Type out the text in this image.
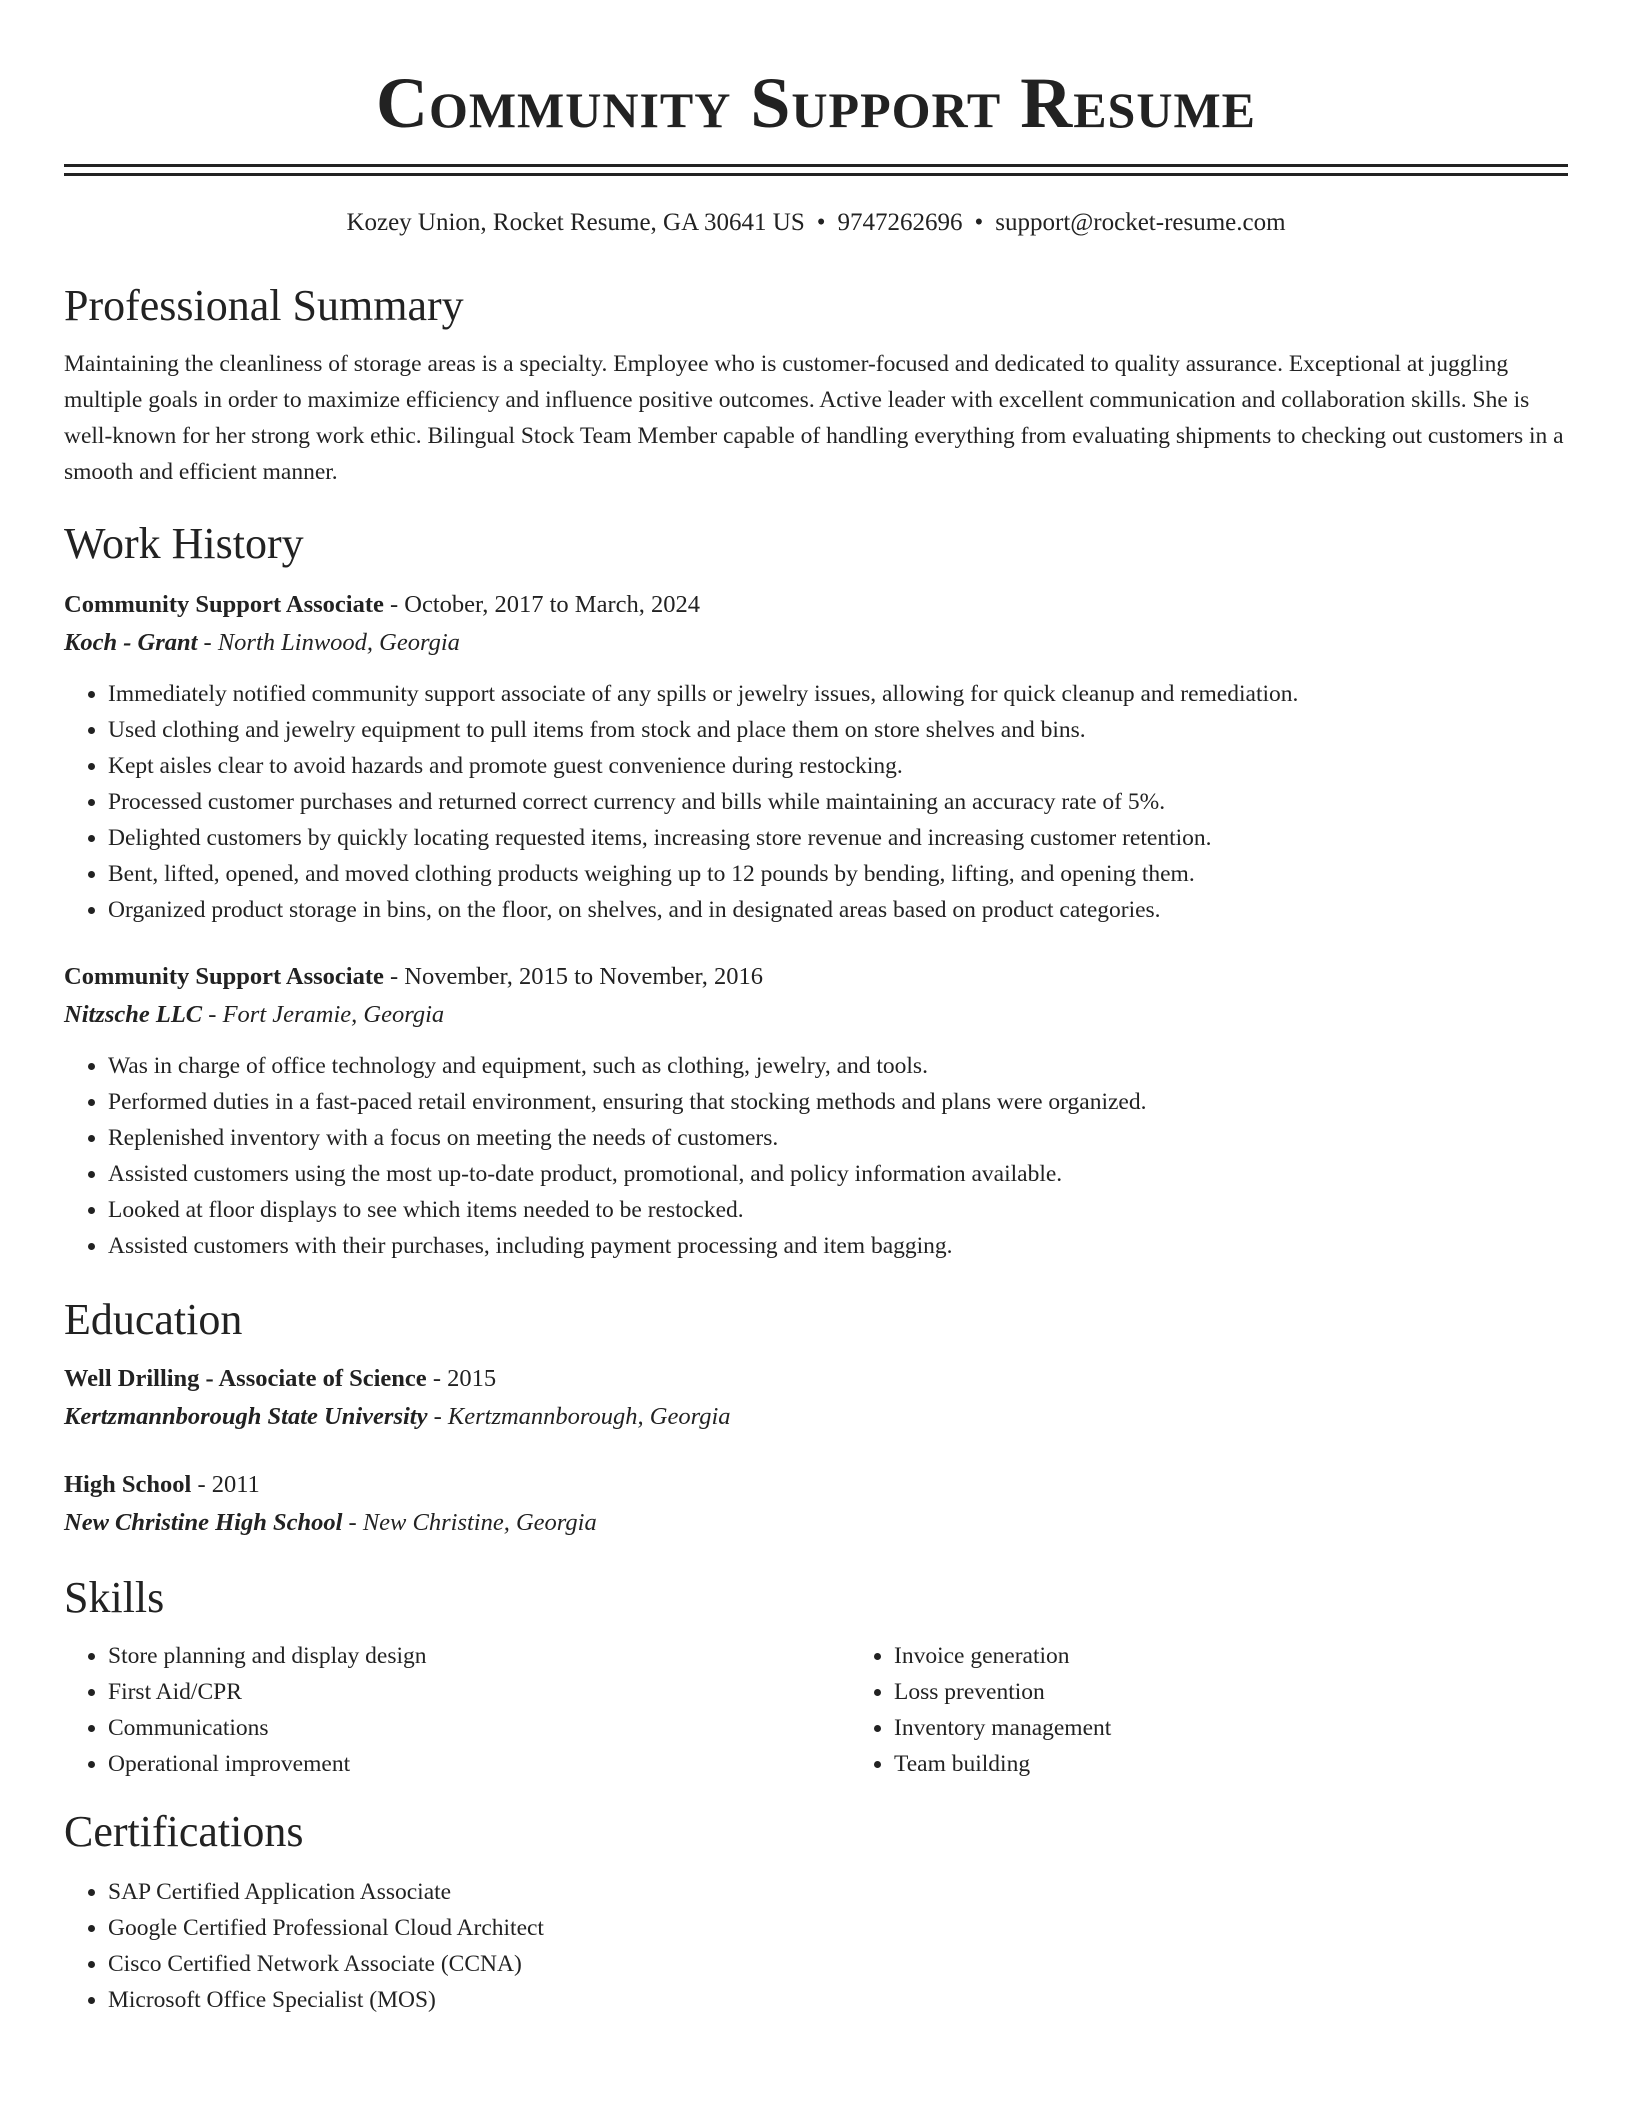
Community Support Resume
Kozey Union, Rocket Resume, GA 30641 US • 9747262696 • support@rocket-resume.com
Professional Summary

Maintaining the cleanliness of storage areas is a specialty. Employee who is customer-focused and dedicated to quality assurance. Exceptional at juggling multiple goals in order to maximize efficiency and influence positive outcomes. Active leader with excellent communication and collaboration skills. She is well-known for her strong work ethic. Bilingual Stock Team Member capable of handling everything from evaluating shipments to checking out customers in a smooth and efficient manner.

Work History
Community Support Associate - October, 2017 to March, 2024
Koch - Grant - North Linwood, Georgia
• Immediately notified community support associate of any spills or jewelry issues, allowing for quick cleanup and remediation.
• Used clothing and jewelry equipment to pull items from stock and place them on store shelves and bins.
• Kept aisles clear to avoid hazards and promote guest convenience during restocking.
• Processed customer purchases and returned correct currency and bills while maintaining an accuracy rate of 5%.
• Delighted customers by quickly locating requested items, increasing store revenue and increasing customer retention.
• Bent, lifted, opened, and moved clothing products weighing up to 12 pounds by bending, lifting, and opening them.
• Organized product storage in bins, on the floor, on shelves, and in designated areas based on product categories.
Community Support Associate - November, 2015 to November, 2016
Nitzsche LLC - Fort Jeramie, Georgia
• Was in charge of office technology and equipment, such as clothing, jewelry, and tools.
• Performed duties in a fast-paced retail environment, ensuring that stocking methods and plans were organized.
• Replenished inventory with a focus on meeting the needs of customers.
• Assisted customers using the most up-to-date product, promotional, and policy information available.
• Looked at floor displays to see which items needed to be restocked.
• Assisted customers with their purchases, including payment processing and item bagging.
Education
Well Drilling - Associate of Science - 2015
Kertzmannborough State University - Kertzmannborough, Georgia
High School - 2011
New Christine High School - New Christine, Georgia
Skills
• Store planning and display design
• First Aid/CPR
• Communications
• Operational improvement
• Invoice generation
• Loss prevention
• Inventory management
• Team building
Certifications
• SAP Certified Application Associate
• Google Certified Professional Cloud Architect
• Cisco Certified Network Associate (CCNA)
• Microsoft Office Specialist (MOS)
